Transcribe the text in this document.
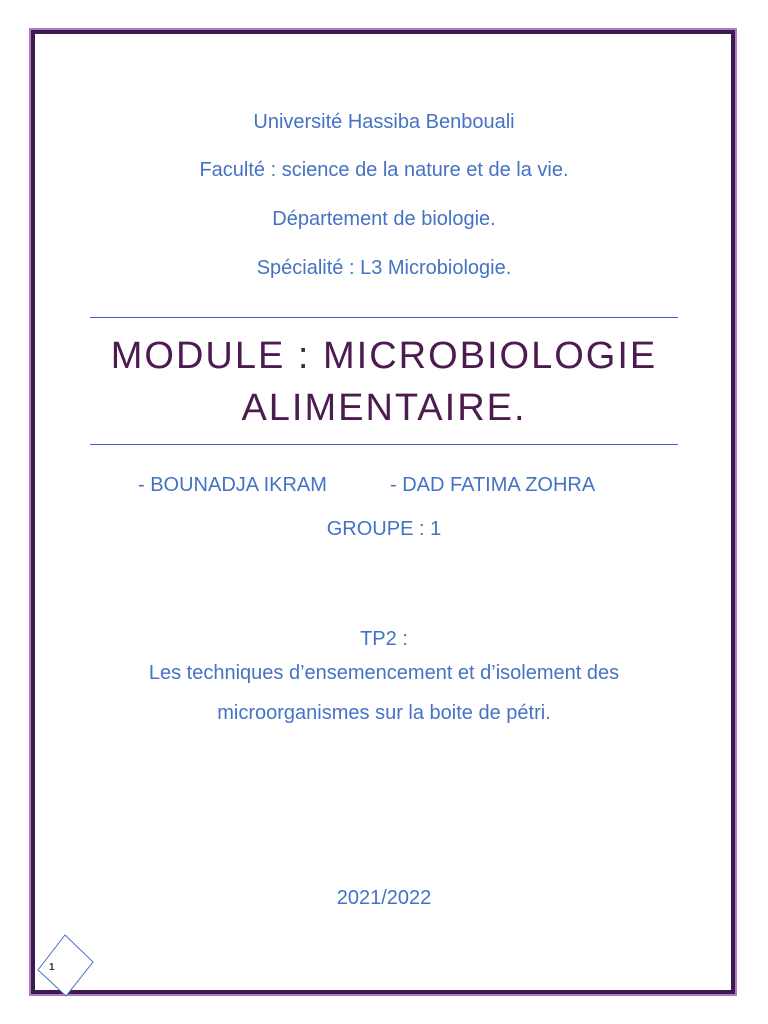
Université Hassiba Benbouali
Faculté : science de la nature et de la vie.
Département de biologie.
Spécialité : L3 Microbiologie.
MODULE : MICROBIOLOGIE
ALIMENTAIRE.
- BOUNADJA IKRAM	- DAD FATIMA ZOHRA
GROUPE : 1
TP2 :
Les techniques d’ensemencement et d’isolement des
microorganismes sur la boite de pétri.
2021/2022
1
